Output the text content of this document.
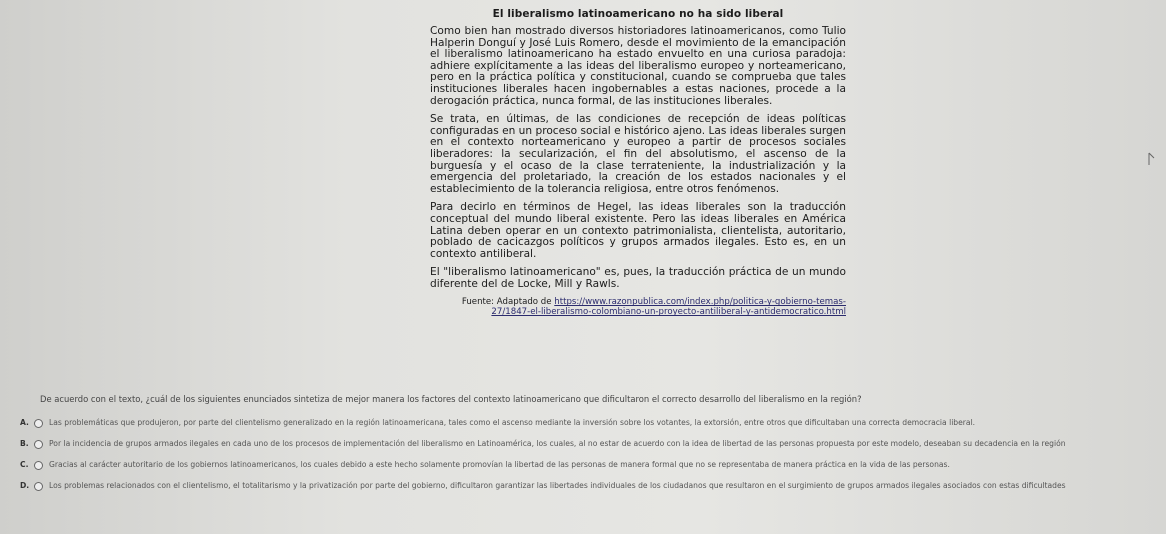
El liberalismo latinoamericano no ha sido liberal

Como bien han mostrado diversos historiadores latinoamericanos, como Tulio Halperin Donguí y José Luis Romero, desde el movimiento de la emancipación el liberalismo latinoamericano ha estado envuelto en una curiosa paradoja: adhiere explícitamente a las ideas del liberalismo europeo y norteamericano, pero en la práctica política y constitucional, cuando se comprueba que tales instituciones liberales hacen ingobernables a estas naciones, procede a la derogación práctica, nunca formal, de las instituciones liberales.

Se trata, en últimas, de las condiciones de recepción de ideas políticas configuradas en un proceso social e histórico ajeno. Las ideas liberales surgen en el contexto norteamericano y europeo a partir de procesos sociales liberadores: la secularización, el fin del absolutismo, el ascenso de la burguesía y el ocaso de la clase terrateniente, la industrialización y la emergencia del proletariado, la creación de los estados nacionales y el establecimiento de la tolerancia religiosa, entre otros fenómenos.

Para decirlo en términos de Hegel, las ideas liberales son la traducción conceptual del mundo liberal existente. Pero las ideas liberales en América Latina deben operar en un contexto patrimonialista, clientelista, autoritario, poblado de cacicazgos políticos y grupos armados ilegales. Esto es, en un contexto antiliberal.

El "liberalismo latinoamericano" es, pues, la traducción práctica de un mundo diferente del de Locke, Mill y Rawls.

Fuente: Adaptado de https://www.razonpublica.com/index.php/politica-y-gobierno-temas-27/1847-el-liberalismo-colombiano-un-proyecto-antiliberal-y-antidemocratico.html
De acuerdo con el texto, ¿cuál de los siguientes enunciados sintetiza de mejor manera los factores del contexto latinoamericano que dificultaron el correcto desarrollo del liberalismo en la región?
A.	Las problemáticas que produjeron, por parte del clientelismo generalizado en la región latinoamericana, tales como el ascenso mediante la inversión sobre los votantes, la extorsión, entre otros que dificultaban una correcta democracia liberal.
B.	Por la incidencia de grupos armados ilegales en cada uno de los procesos de implementación del liberalismo en Latinoamérica, los cuales, al no estar de acuerdo con la idea de libertad de las personas propuesta por este modelo, deseaban su decadencia en la región
C.	Gracias al carácter autoritario de los gobiernos latinoamericanos, los cuales debido a este hecho solamente promovían la libertad de las personas de manera formal que no se representaba de manera práctica en la vida de las personas.
D.	Los problemas relacionados con el clientelismo, el totalitarismo y la privatización por parte del gobierno, dificultaron garantizar las libertades individuales de los ciudadanos que resultaron en el surgimiento de grupos armados ilegales asociados con estas dificultades
